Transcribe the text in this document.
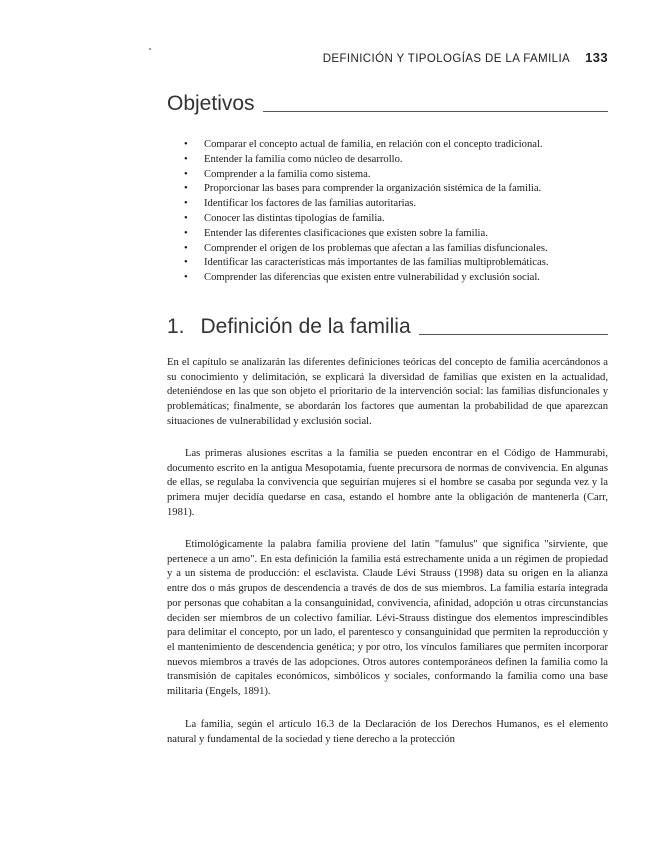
DEFINICIÓN Y TIPOLOGÍAS DE LA FAMILIA 133
Objetivos
• Comparar el concepto actual de familia, en relación con el concepto tradicional.
• Entender la familia como núcleo de desarrollo.
• Comprender a la familia como sistema.
• Proporcionar las bases para comprender la organización sistémica de la familia.
• Identificar los factores de las familias autoritarias.
• Conocer las distintas tipologías de familia.
• Entender las diferentes clasificaciones que existen sobre la familia.
• Comprender el origen de los problemas que afectan a las familias disfuncionales.
• Identificar las características más importantes de las familias multiproblemáticas.
• Comprender las diferencias que existen entre vulnerabilidad y exclusión social.
1. Definición de la familia

En el capítulo se analizarán las diferentes definiciones teóricas del concepto de familia acercándonos a su conocimiento y delimitación, se explicará la diversidad de familias que existen en la actualidad, deteniéndose en las que son objeto el prioritario de la intervención social: las familias disfuncionales y problemáticas; finalmente, se abordarán los factores que aumentan la probabilidad de que aparezcan situaciones de vulnerabilidad y exclusión social.

Las primeras alusiones escritas a la familia se pueden encontrar en el Código de Hammurabi, documento escrito en la antigua Mesopotamia, fuente precursora de normas de convivencia. En algunas de ellas, se regulaba la convivencia que seguirían mujeres si el hombre se casaba por segunda vez y la primera mujer decidía quedarse en casa, estando el hombre ante la obligación de mantenerla (Carr, 1981).

Etimológicamente la palabra familia proviene del latín "famulus" que significa "sirviente, que pertenece a un amo". En esta definición la familia está estrechamente unida a un régimen de propiedad y a un sistema de producción: el esclavista. Claude Lévi Strauss (1998) data su origen en la alianza entre dos o más grupos de descendencia a través de dos de sus miembros. La familia estaría integrada por personas que cohabitan a la consanguinidad, convivencia, afinidad, adopción u otras circunstancias deciden ser miembros de un colectivo familiar. Lévi-Strauss distingue dos elementos imprescindibles para delimitar el concepto, por un lado, el parentesco y consanguinidad que permiten la reproducción y el mantenimiento de descendencia genética; y por otro, los vínculos familiares que permiten incorporar nuevos miembros a través de las adopciones. Otros autores contemporáneos definen la familia como la transmisión de capitales económicos, simbólicos y sociales, conformando la familia como una base militaria (Engels, 1891).

La familia, según el artículo 16.3 de la Declaración de los Derechos Humanos, es el elemento natural y fundamental de la sociedad y tiene derecho a la protección
